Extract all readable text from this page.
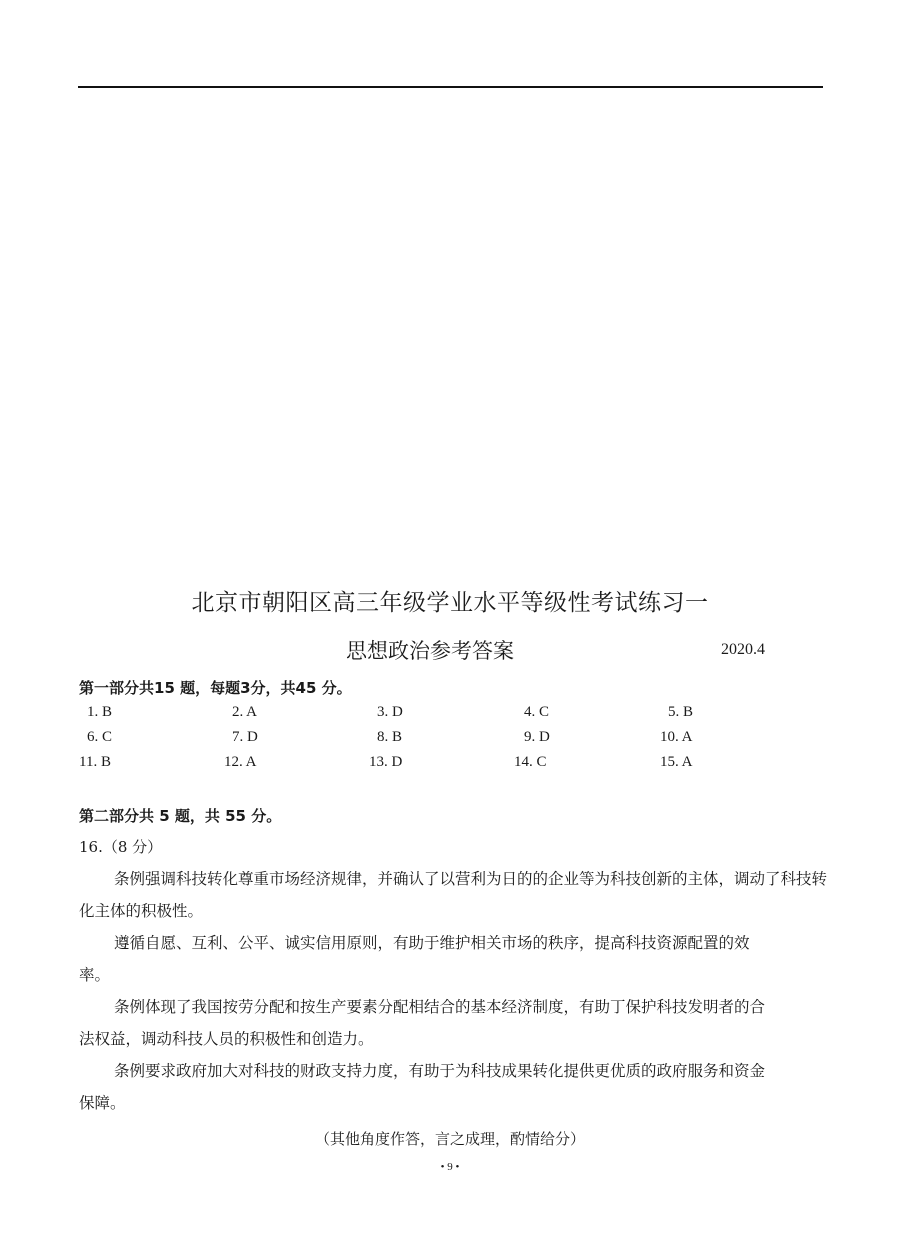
北京市朝阳区高三年级学业水平等级性考试练习一
思想政治参考答案	2020.4
第一部分共15 题，每题3分，共45 分。
1. B	2. A	3. D	4. C	5. B
6. C	7. D	8. B	9. D	10. A
11. B	12. A	13. D	14. C	15. A
第二部分共 5 题，共 55 分。
16.（8 分）
条例强调科技转化尊重市场经济规律，并确认了以营利为日的的企业等为科技创新的主体，调动了科技转化主体的积极性。
遵循自愿、互利、公平、诚实信用原则，有助于维护相关市场的秩序，提高科技资源配置的效率。
条例体现了我国按劳分配和按生产要素分配相结合的基本经济制度，有助丁保护科技发明者的合法权益，调动科技人员的积极性和创造力。
条例要求政府加大对科技的财政支持力度，有助于为科技成果转化提供更优质的政府服务和资金保障。
（其他角度作答，言之成理，酌情给分）
• 9 •
